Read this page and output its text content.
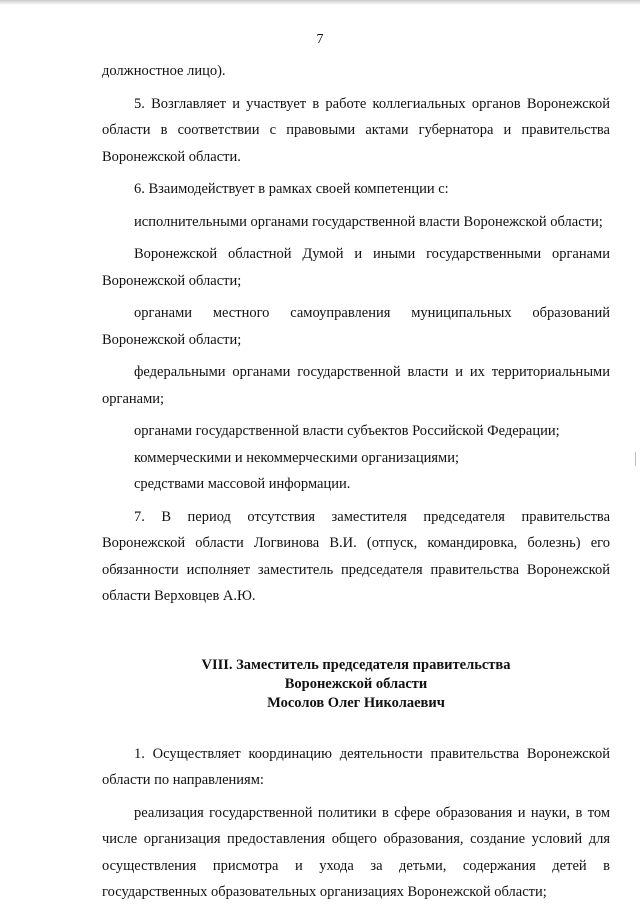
7

должностное лицо).

5. Возглавляет и участвует в работе коллегиальных органов Воронежской области в соответствии с правовыми актами губернатора и правительства Воронежской области.

6. Взаимодействует в рамках своей компетенции с:

исполнительными органами государственной власти Воронежской области;

Воронежской областной Думой и иными государственными органами Воронежской области;

органами местного самоуправления муниципальных образований Воронежской области;

федеральными органами государственной власти и их территориальными органами;

органами государственной власти субъектов Российской Федерации;

коммерческими и некоммерческими организациями;

средствами массовой информации.

7. В период отсутствия заместителя председателя правительства Воронежской области Логвинова В.И. (отпуск, командировка, болезнь) его обязанности исполняет заместитель председателя правительства Воронежской области Верховцев А.Ю.

VIII. Заместитель председателя правительства
Воронежской области
Мосолов Олег Николаевич

1. Осуществляет координацию деятельности правительства Воронежской области по направлениям:

реализация государственной политики в сфере образования и науки, в том числе организация предоставления общего образования, создание условий для осуществления присмотра и ухода за детьми, содержания детей в государственных образовательных организациях Воронежской области;
